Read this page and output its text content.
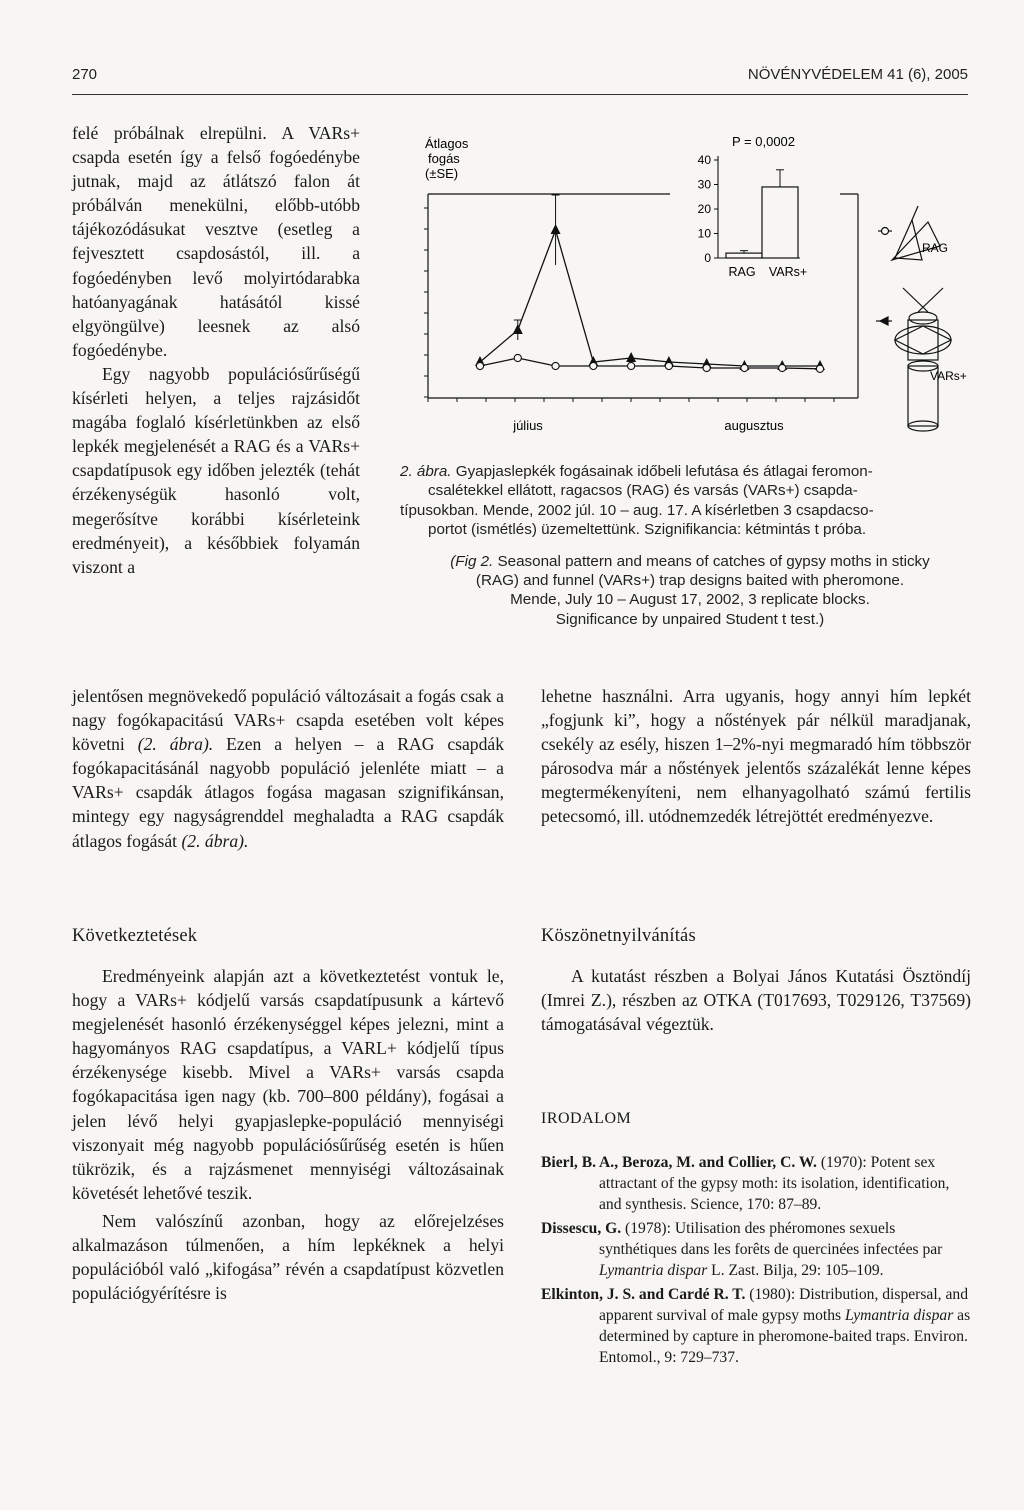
270	NÖVÉNYVÉDELEM 41 (6), 2005

felé próbálnak elrepülni. A VARs+ csapda esetén így a felső fogóedénybe jutnak, majd az átlátszó falon át próbálván menekülni, előbb-utóbb tájékozódásukat vesztve (esetleg a fejvesztett csapdosástól, ill. a fogóedényben levő molyirtódarabka hatóanyagának hatásától kissé elgyöngülve) leesnek az alsó fogóedénybe.

Egy nagyobb populációsűrűségű kísérleti helyen, a teljes rajzásidőt magába foglaló kísérletünkben az első lepkék megjelenését a RAG és a VARs+ csapdatípusok egy időben jelezték (tehát érzékenységük hasonló volt, megerősítve korábbi kísérleteink eredményeit), a későbbiek folyamán viszont a

jelentősen megnövekedő populáció változásait a fogás csak a nagy fogókapacitású VARs+ csapda esetében volt képes követni (2. ábra). Ezen a helyen – a RAG csapdák fogókapacitásánál nagyobb populáció jelenléte miatt – a VARs+ csapdák átlagos fogása magasan szignifikánsan, mintegy egy nagyságrenddel meghaladta a RAG csapdák átlagos fogását (2. ábra).

Következtetések

Eredményeink alapján azt a következtetést vontuk le, hogy a VARs+ kódjelű varsás csapdatípusunk a kártevő megjelenését hasonló érzékenységgel képes jelezni, mint a hagyományos RAG csapdatípus, a VARL+ kódjelű típus érzékenysége kisebb. Mivel a VARs+ varsás csapda fogókapacitása igen nagy (kb. 700–800 példány), fogásai a jelen lévő helyi gyapjaslepke-populáció mennyiségi viszonyait még nagyobb populációsűrűség esetén is hűen tükrözik, és a rajzásmenet mennyiségi változásainak követését lehetővé teszik.

Nem valószínű azonban, hogy az előrejelzéses alkalmazáson túlmenően, a hím lepkéknek a helyi populációból való „kifogása” révén a csapdatípust közvetlen populációgyérítésre is

Átlagos
fogás
(±SE)
július	augusztus
P = 0,0002
0
10
20
30
40
RAG VARs+
RAG
VARs+
2. ábra. Gyapjaslepkék fogásainak időbeli lefutása és átlagai feromon-
csalétekkel ellátott, ragacsos (RAG) és varsás (VARs+) csapda-
típusokban. Mende, 2002 júl. 10 – aug. 17. A kísérletben 3 csapdacso-
portot (ismétlés) üzemeltettünk. Szignifikancia: kétmintás t próba.
(Fig 2. Seasonal pattern and means of catches of gypsy moths in sticky
(RAG) and funnel (VARs+) trap designs baited with pheromone.
Mende, July 10 – August 17, 2002, 3 replicate blocks.
Significance by unpaired Student t test.)

lehetne használni. Arra ugyanis, hogy annyi hím lepkét „fogjunk ki”, hogy a nőstények pár nélkül maradjanak, csekély az esély, hiszen 1–2%-nyi megmaradó hím többször párosodva már a nőstények jelentős százalékát lenne képes megtermékenyíteni, nem elhanyagolható számú fertilis petecsomó, ill. utódnemzedék létrejöttét eredményezve.

Köszönetnyilvánítás

A kutatást részben a Bolyai János Kutatási Ösztöndíj (Imrei Z.), részben az OTKA (T017693, T029126, T37569) támogatásával végeztük.

IRODALOM
Bierl, B. A., Beroza, M. and Collier, C. W. (1970): Potent sex attractant of the gypsy moth: its isolation, identification, and synthesis. Science, 170: 87–89.
Dissescu, G. (1978): Utilisation des phéromones sexuels synthétiques dans les forêts de quercinées infectées par Lymantria dispar L. Zast. Bilja, 29: 105–109.
Elkinton, J. S. and Cardé R. T. (1980): Distribution, dispersal, and apparent survival of male gypsy moths Lymantria dispar as determined by capture in pheromone-baited traps. Environ. Entomol., 9: 729–737.
